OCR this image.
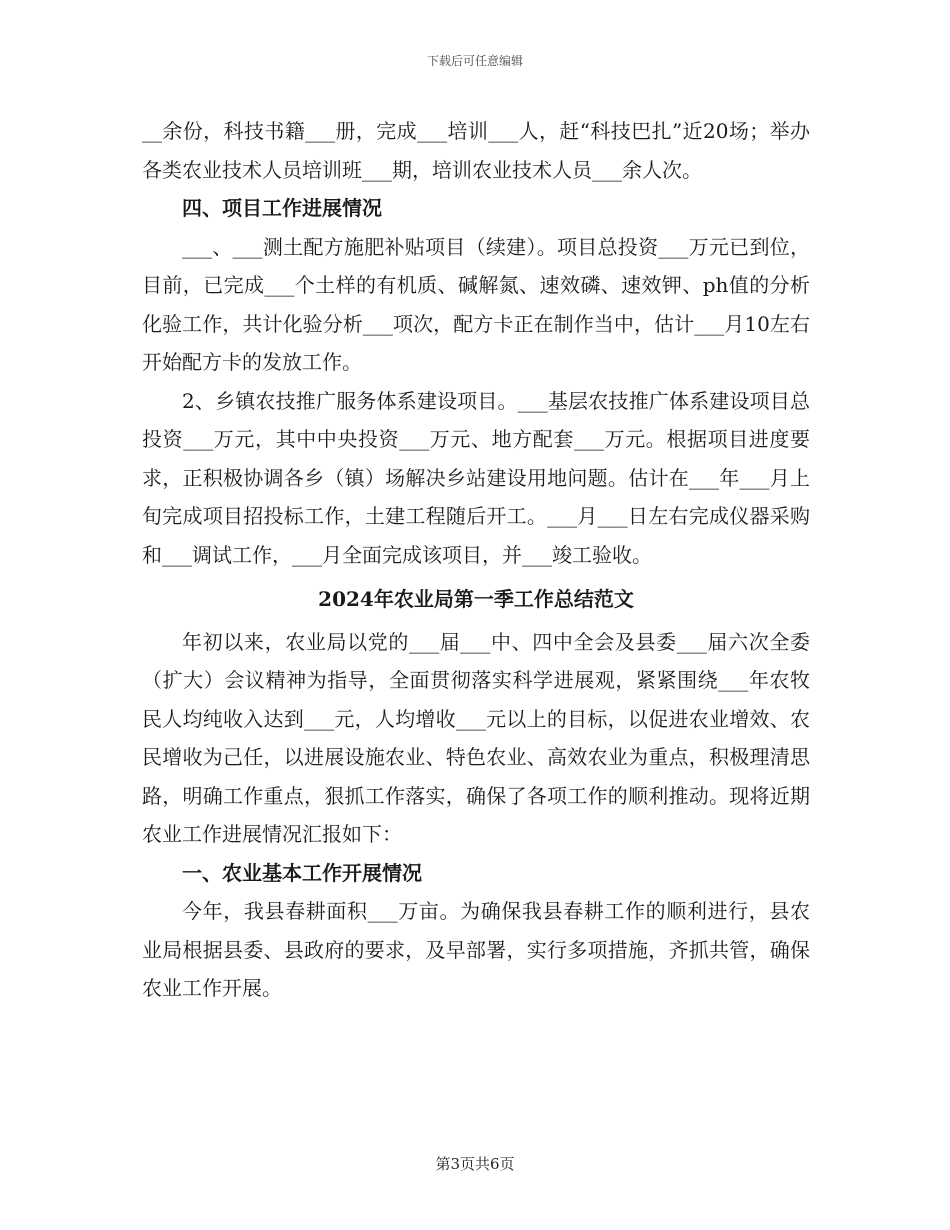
下载后可任意编辑

__余份，科技书籍___册，完成___培训___人，赶“科技巴扎”近20场；举办各类农业技术人员培训班___期，培训农业技术人员___余人次。

四、项目工作进展情况

___、___测土配方施肥补贴项目（续建）。项目总投资___万元已到位，目前，已完成___个土样的有机质、碱解氮、速效磷、速效钾、ph值的分析化验工作，共计化验分析___项次，配方卡正在制作当中，估计___月10左右开始配方卡的发放工作。

2、乡镇农技推广服务体系建设项目。___基层农技推广体系建设项目总投资___万元，其中中央投资___万元、地方配套___万元。根据项目进度要求，正积极协调各乡（镇）场解决乡站建设用地问题。估计在___年___月上旬完成项目招投标工作，土建工程随后开工。___月___日左右完成仪器采购和___调试工作，___月全面完成该项目，并___竣工验收。

2024年农业局第一季工作总结范文

年初以来，农业局以党的___届___中、四中全会及县委___届六次全委（扩大）会议精神为指导，全面贯彻落实科学进展观，紧紧围绕___年农牧民人均纯收入达到___元，人均增收___元以上的目标，以促进农业增效、农民增收为己任，以进展设施农业、特色农业、高效农业为重点，积极理清思路，明确工作重点，狠抓工作落实，确保了各项工作的顺利推动。现将近期农业工作进展情况汇报如下：

一、农业基本工作开展情况

今年，我县春耕面积___万亩。为确保我县春耕工作的顺利进行，县农业局根据县委、县政府的要求，及早部署，实行多项措施，齐抓共管，确保农业工作开展。

第3页共6页
